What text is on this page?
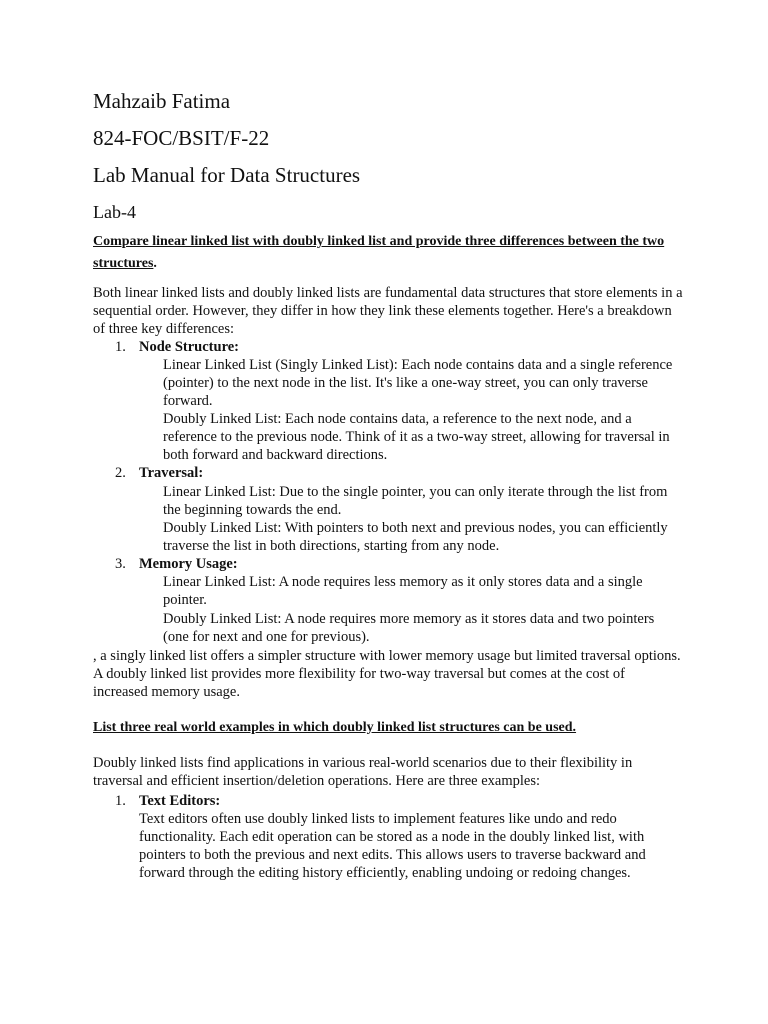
Mahzaib Fatima
824-FOC/BSIT/F-22
Lab Manual for Data Structures
Lab-4
Compare linear linked list with doubly linked list and provide three differences between the two structures.
Both linear linked lists and doubly linked lists are fundamental data structures that store elements in a sequential order. However, they differ in how they link these elements together. Here's a breakdown of three key differences:
1. Node Structure:
Linear Linked List (Singly Linked List): Each node contains data and a single reference (pointer) to the next node in the list. It's like a one-way street, you can only traverse forward.
Doubly Linked List: Each node contains data, a reference to the next node, and a reference to the previous node. Think of it as a two-way street, allowing for traversal in both forward and backward directions.
2. Traversal:
Linear Linked List: Due to the single pointer, you can only iterate through the list from the beginning towards the end.
Doubly Linked List: With pointers to both next and previous nodes, you can efficiently traverse the list in both directions, starting from any node.
3. Memory Usage:
Linear Linked List: A node requires less memory as it only stores data and a single pointer.
Doubly Linked List: A node requires more memory as it stores data and two pointers (one for next and one for previous).
, a singly linked list offers a simpler structure with lower memory usage but limited traversal options. A doubly linked list provides more flexibility for two-way traversal but comes at the cost of increased memory usage.
List three real world examples in which doubly linked list structures can be used.
Doubly linked lists find applications in various real-world scenarios due to their flexibility in traversal and efficient insertion/deletion operations. Here are three examples:
1. Text Editors:
Text editors often use doubly linked lists to implement features like undo and redo functionality. Each edit operation can be stored as a node in the doubly linked list, with pointers to both the previous and next edits. This allows users to traverse backward and forward through the editing history efficiently, enabling undoing or redoing changes.
